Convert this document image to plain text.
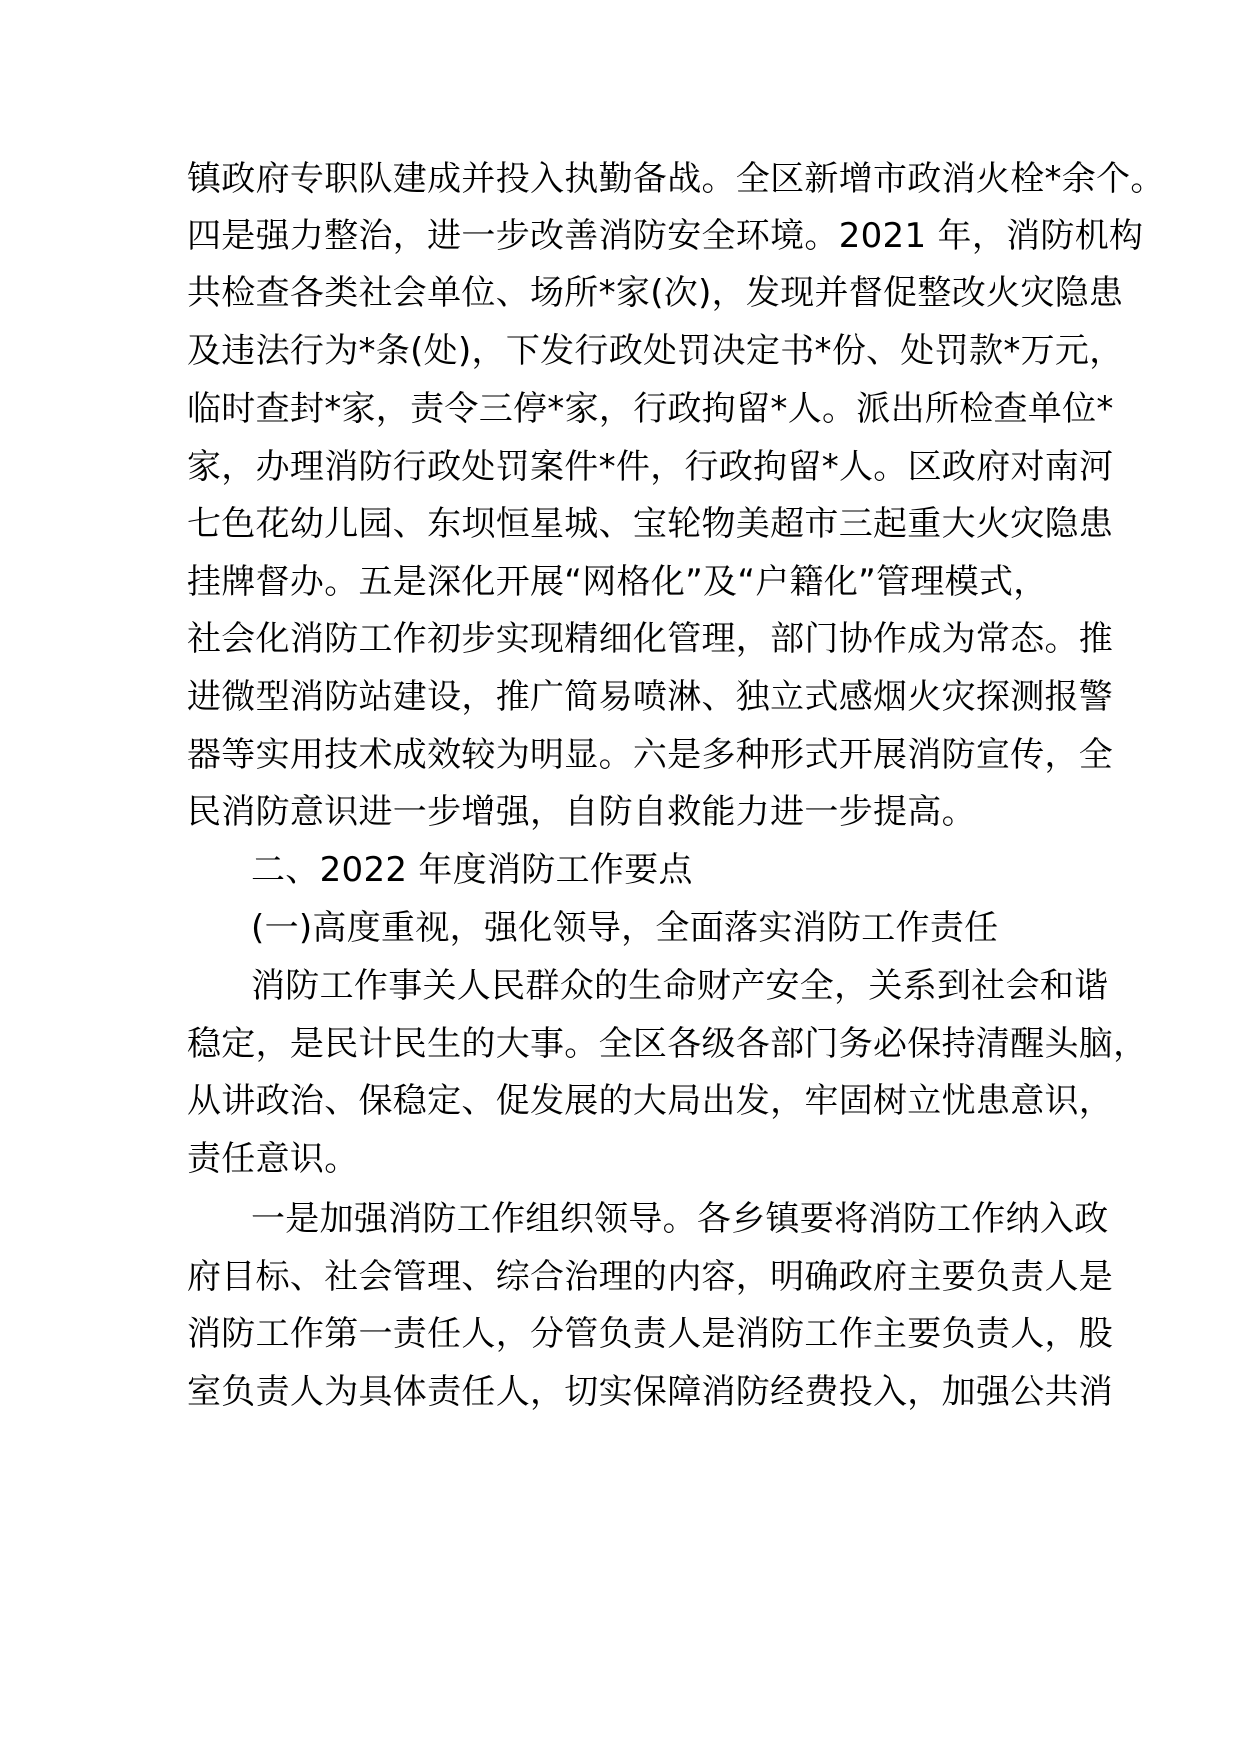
镇政府专职队建成并投入执勤备战。全区新增市政消火栓*余个。
四是强力整治，进一步改善消防安全环境。2021 年，消防机构
共检查各类社会单位、场所*家(次)，发现并督促整改火灾隐患
及违法行为*条(处)，下发行政处罚决定书*份、处罚款*万元，
临时查封*家，责令三停*家，行政拘留*人。派出所检查单位*
家，办理消防行政处罚案件*件，行政拘留*人。区政府对南河
七色花幼儿园、东坝恒星城、宝轮物美超市三起重大火灾隐患
挂牌督办。五是深化开展“网格化”及“户籍化”管理模式，
社会化消防工作初步实现精细化管理，部门协作成为常态。推
进微型消防站建设，推广简易喷淋、独立式感烟火灾探测报警
器等实用技术成效较为明显。六是多种形式开展消防宣传，全
民消防意识进一步增强，自防自救能力进一步提高。
二、2022 年度消防工作要点
(一)高度重视，强化领导，全面落实消防工作责任
消防工作事关人民群众的生命财产安全，关系到社会和谐
稳定，是民计民生的大事。全区各级各部门务必保持清醒头脑，
从讲政治、保稳定、促发展的大局出发，牢固树立忧患意识，
责任意识。
一是加强消防工作组织领导。各乡镇要将消防工作纳入政
府目标、社会管理、综合治理的内容，明确政府主要负责人是
消防工作第一责任人，分管负责人是消防工作主要负责人，股
室负责人为具体责任人，切实保障消防经费投入，加强公共消
